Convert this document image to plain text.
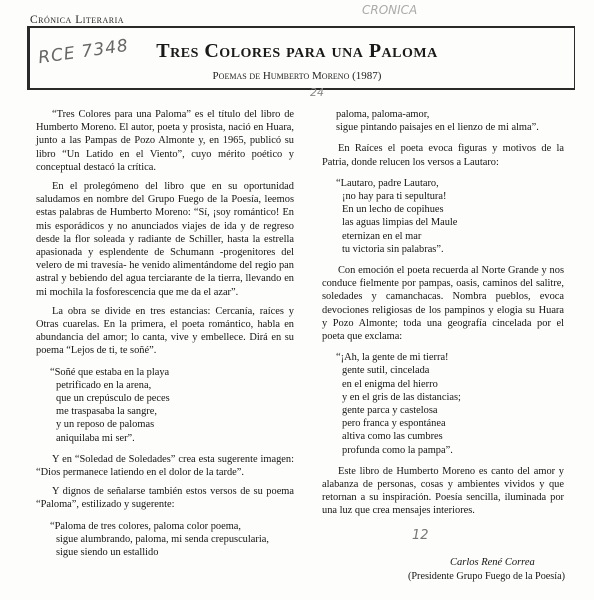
Crónica Literaria
Tres Colores para una Paloma
Poemas de Humberto Moreno (1987)
RCE 7348
CRONICA
24
12

“Tres Colores para una Paloma” es el título del libro de Humberto Moreno. El autor, poeta y prosista, nació en Huara, junto a las Pampas de Pozo Almonte y, en 1965, publicó su libro “Un Latido en el Viento”, cuyo mérito poético y conceptual destacó la crítica.

En el prolegómeno del libro que en su oportunidad saludamos en nombre del Grupo Fuego de la Poesía, leemos estas palabras de Humberto Moreno: “Sí, ¡soy romántico! En mis esporádicos y no anunciados viajes de ida y de regreso desde la flor soleada y radiante de Schiller, hasta la estrella apasionada y esplendente de Schumann -progenitores del velero de mi travesía- he venido alimentándome del regio pan astral y bebiendo del agua terciarante de la tierra, llevando en mi mochila la fosforescencia que me da el azar”.

La obra se divide en tres estancias: Cercanía, raíces y Otras cuarelas. En la primera, el poeta romántico, habla en abundancia del amor; lo canta, vive y embellece. Dirá en su poema “Lejos de ti, te soñé”.

“Soñé que estaba en la playa
petrificado en la arena,
que un crepúsculo de peces
me traspasaba la sangre,
y un reposo de palomas
aniquilaba mi ser”.

Y en “Soledad de Soledades” crea esta sugerente imagen: “Dios permanece latiendo en el dolor de la tarde”.

Y dignos de señalarse también estos versos de su poema “Paloma”, estilizado y sugerente:

“Paloma de tres colores, paloma color poema,
sigue alumbrando, paloma, mi senda crepuscularia,
sigue siendo un estallido
paloma, paloma-amor,
sigue pintando paisajes en el lienzo de mi alma”.

En Raíces el poeta evoca figuras y motivos de la Patria, donde relucen los versos a Lautaro:

“Lautaro, padre Lautaro,
¡no hay para ti sepultura!
En un lecho de copihues
las aguas limpias del Maule
eternizan en el mar
tu victoria sin palabras”.

Con emoción el poeta recuerda al Norte Grande y nos conduce fielmente por pampas, oasis, caminos del salitre, soledades y camanchacas. Nombra pueblos, evoca devociones religiosas de los pampinos y elogia su Huara y Pozo Almonte; toda una geografía cincelada por el poeta que exclama:

“¡Ah, la gente de mi tierra!
gente sutil, cincelada
en el enigma del hierro
y en el gris de las distancias;
gente parca y castelosa
pero franca y espontánea
altiva como las cumbres
profunda como la pampa”.

Este libro de Humberto Moreno es canto del amor y alabanza de personas, cosas y ambientes vividos y que retornan a su inspiración. Poesía sencilla, iluminada por una luz que crea mensajes interiores.

Carlos René Correa
(Presidente Grupo Fuego de la Poesía)
